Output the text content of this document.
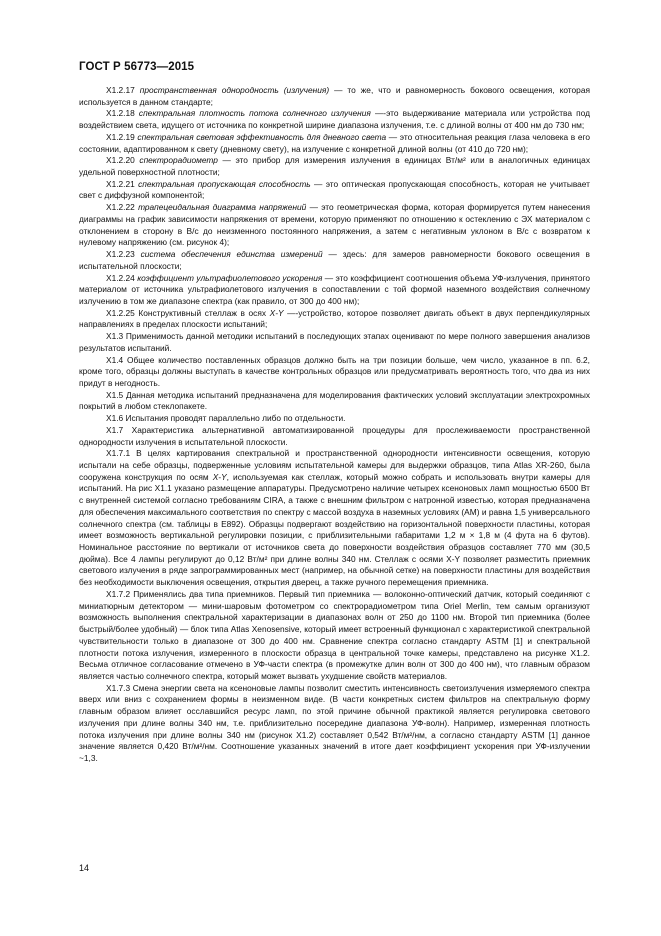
ГОСТ Р 56773—2015

X1.2.17 пространственная однородность (излучения) — то же, что и равномерность бокового освещения, которая используется в данном стандарте;

X1.2.18 спектральная плотность потока солнечного излучения —-это выдерживание материала или устройства под воздействием света, идущего от источника по конкретной ширине диапазона излучения, т.е. с длиной волны от 400 нм до 730 нм;

X1.2.19 спектральная световая эффективность для дневного света — это относительная реакция глаза человека в его состоянии, адаптированном к свету (дневному свету), на излучение с конкретной длиной волны (от 410 до 720 нм);

X1.2.20 спектрорадиометр — это прибор для измерения излучения в единицах Вт/м² или в аналогичных единицах удельной поверхностной плотности;

X1.2.21 спектральная пропускающая способность — это оптическая пропускающая способность, которая не учитывает свет с диффузной компонентой;

X1.2.22 трапецеидальная диаграмма напряжений — это геометрическая форма, которая формируется путем нанесения диаграммы на график зависимости напряжения от времени, которую применяют по отношению к остеклению с ЭХ материалом с отклонением в сторону в В/с до неизменного постоянного напряжения, а затем с негативным уклоном в В/с с возвратом к нулевому напряжению (см. рисунок 4);

X1.2.23 система обеспечения единства измерений — здесь: для замеров равномерности бокового освещения в испытательной плоскости;

X1.2.24 коэффициент ультрафиолетового ускорения — это коэффициент соотношения объема УФ-излучения, принятого материалом от источника ультрафиолетового излучения в сопоставлении с той формой наземного воздействия солнечному излучению в том же диапазоне спектра (как правило, от 300 до 400 нм);

X1.2.25 Конструктивный стеллаж в осях X-Y —-устройство, которое позволяет двигать объект в двух перпендикулярных направлениях в пределах плоскости испытаний;

X1.3 Применимость данной методики испытаний в последующих этапах оценивают по мере полного завершения анализов результатов испытаний.

X1.4 Общее количество поставленных образцов должно быть на три позиции больше, чем число, указанное в пп. 6.2, кроме того, образцы должны выступать в качестве контрольных образцов или предусматривать вероятность того, что два из них придут в негодность.

X1.5 Данная методика испытаний предназначена для моделирования фактических условий эксплуатации электрохромных покрытий в любом стеклопакете.

X1.6 Испытания проводят параллельно либо по отдельности.

X1.7 Характеристика альтернативной автоматизированной процедуры для прослеживаемости пространственной однородности излучения в испытательной плоскости.

X1.7.1 В целях картирования спектральной и пространственной однородности интенсивности освещения, которую испытали на себе образцы, подверженные условиям испытательной камеры для выдержки образцов, типа Atlas XR-260, была сооружена конструкция по осям X-Y, используемая как стеллаж, который можно собрать и использовать внутри камеры для испытаний. На рис X1.1 указано размещение аппаратуры. Предусмотрено наличие четырех ксеноновых ламп мощностью 6500 Вт с внутренней системой согласно требованиям CIRA, а также с внешним фильтром с натронной известью, которая предназначена для обеспечения максимального соответствия по спектру с массой воздуха в наземных условиях (АМ) и равна 1,5 универсального солнечного спектра (см. таблицы в E892). Образцы подвергают воздействию на горизонтальной поверхности пластины, которая имеет возможность вертикальной регулировки позиции, с приблизительными габаритами 1,2 м × 1,8 м (4 фута на 6 футов). Номинальное расстояние по вертикали от источников света до поверхности воздействия образцов составляет 770 мм (30,5 дюйма). Все 4 лампы регулируют до 0,12 Вт/м² при длине волны 340 нм. Стеллаж с осями X-Y позволяет разместить приемник светового излучения в ряде запрограммированных мест (например, на обычной сетке) на поверхности пластины для воздействия без необходимости выключения освещения, открытия дверец, а также ручного перемещения приемника.

X1.7.2 Применялись два типа приемников. Первый тип приемника — волоконно-оптический датчик, который соединяют с миниатюрным детектором — мини-шаровым фотометром со спектрорадиометром типа Oriel Merlin, тем самым организуют возможность выполнения спектральной характеризации в диапазонах волн от 250 до 1100 нм. Второй тип приемника (более быстрый/более удобный) — блок типа Atlas Xenosensive, который имеет встроенный функционал с характеристикой спектральной чувствительности только в диапазоне от 300 до 400 нм. Сравнение спектра согласно стандарту ASTM [1] и спектральной плотности потока излучения, измеренного в плоскости образца в центральной точке камеры, представлено на рисунке X1.2. Весьма отличное согласование отмечено в УФ-части спектра (в промежутке длин волн от 300 до 400 нм), что главным образом является частью солнечного спектра, который может вызвать ухудшение свойств материалов.

X1.7.3 Смена энергии света на ксеноновые лампы позволит сместить интенсивность светоизлучения измеряемого спектра вверх или вниз с сохранением формы в неизменном виде. (В части конкретных систем фильтров на спектральную форму главным образом влияет осславшийся ресурс ламп, по этой причине обычной практикой является регулировка светового излучения при длине волны 340 нм, т.е. приблизительно посередине диапазона УФ-волн). Например, измеренная плотность потока излучения при длине волны 340 нм (рисунок X1.2) составляет 0,542 Вт/м²/нм, а согласно стандарту ASTM [1] данное значение является 0,420 Вт/м²/нм. Соотношение указанных значений в итоге дает коэффициент ускорения при УФ-излучении ~1,3.

14
